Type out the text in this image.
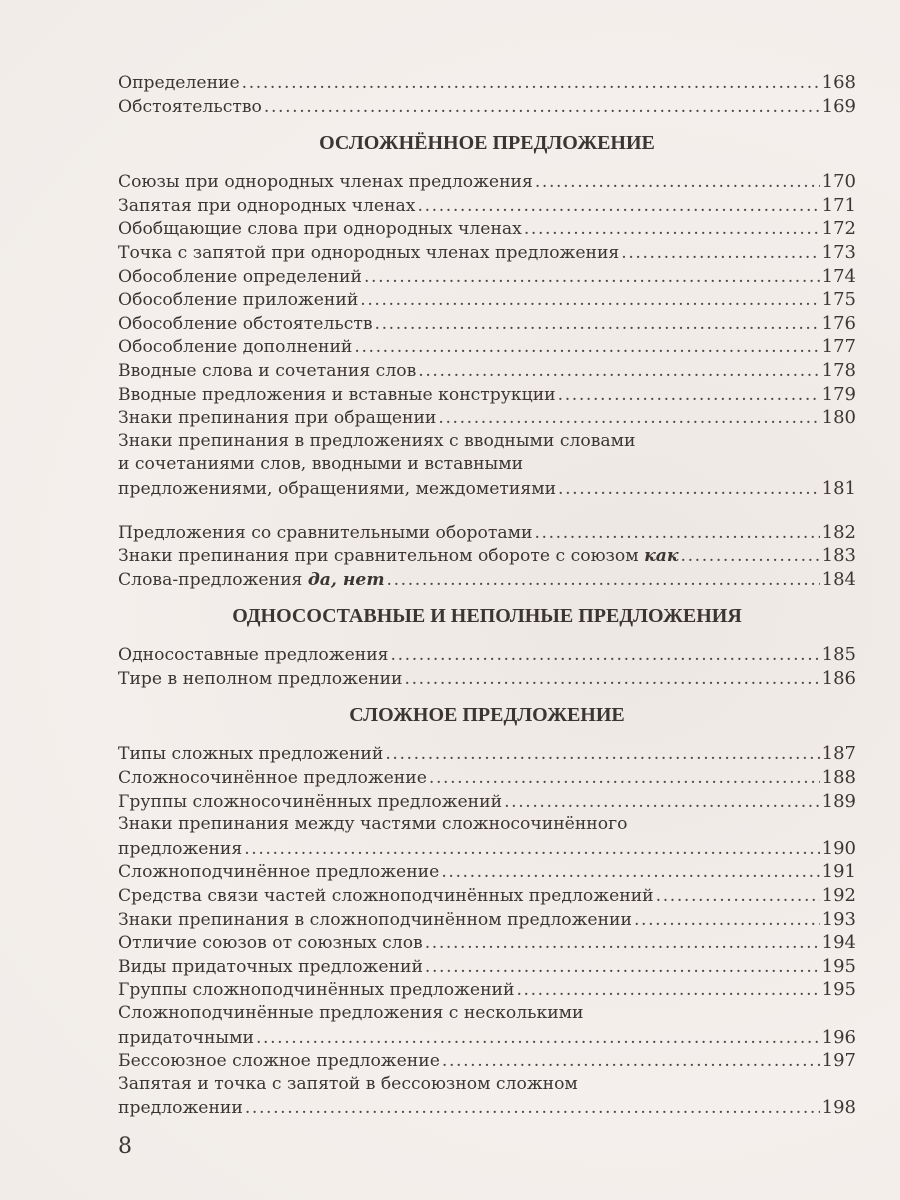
Определение .....	168
Обстоятельство .....	169
ОСЛОЖНЁННОЕ ПРЕДЛОЖЕНИЕ
Союзы при однородных членах предложения .....	170
Запятая при однородных членах .....	171
Обобщающие слова при однородных членах .....	172
Точка с запятой при однородных членах предложения .....	173
Обособление определений .....	174
Обособление приложений .....	175
Обособление обстоятельств .....	176
Обособление дополнений .....	177
Вводные слова и сочетания слов .....	178
Вводные предложения и вставные конструкции .....	179
Знаки препинания при обращении .....	180
Знаки препинания в предложениях с вводными словами
и сочетаниями слов, вводными и вставными
предложениями, обращениями, междометиями .....	181
Предложения со сравнительными оборотами .....	182
Знаки препинания при сравнительном обороте с союзом как .....	183
Слова-предложения да, нет .....	184
ОДНОСОСТАВНЫЕ И НЕПОЛНЫЕ ПРЕДЛОЖЕНИЯ
Односоставные предложения .....	185
Тире в неполном предложении .....	186
СЛОЖНОЕ ПРЕДЛОЖЕНИЕ
Типы сложных предложений .....	187
Сложносочинённое предложение .....	188
Группы сложносочинённых предложений .....	189
Знаки препинания между частями сложносочинённого
предложения .....	190
Сложноподчинённое предложение .....	191
Средства связи частей сложноподчинённых предложений .....	192
Знаки препинания в сложноподчинённом предложении .....	193
Отличие союзов от союзных слов .....	194
Виды придаточных предложений .....	195
Группы сложноподчинённых предложений .....	195
Сложноподчинённые предложения с несколькими
придаточными .....	196
Бессоюзное сложное предложение .....	197
Запятая и точка с запятой в бессоюзном сложном
предложении .....	198
8
